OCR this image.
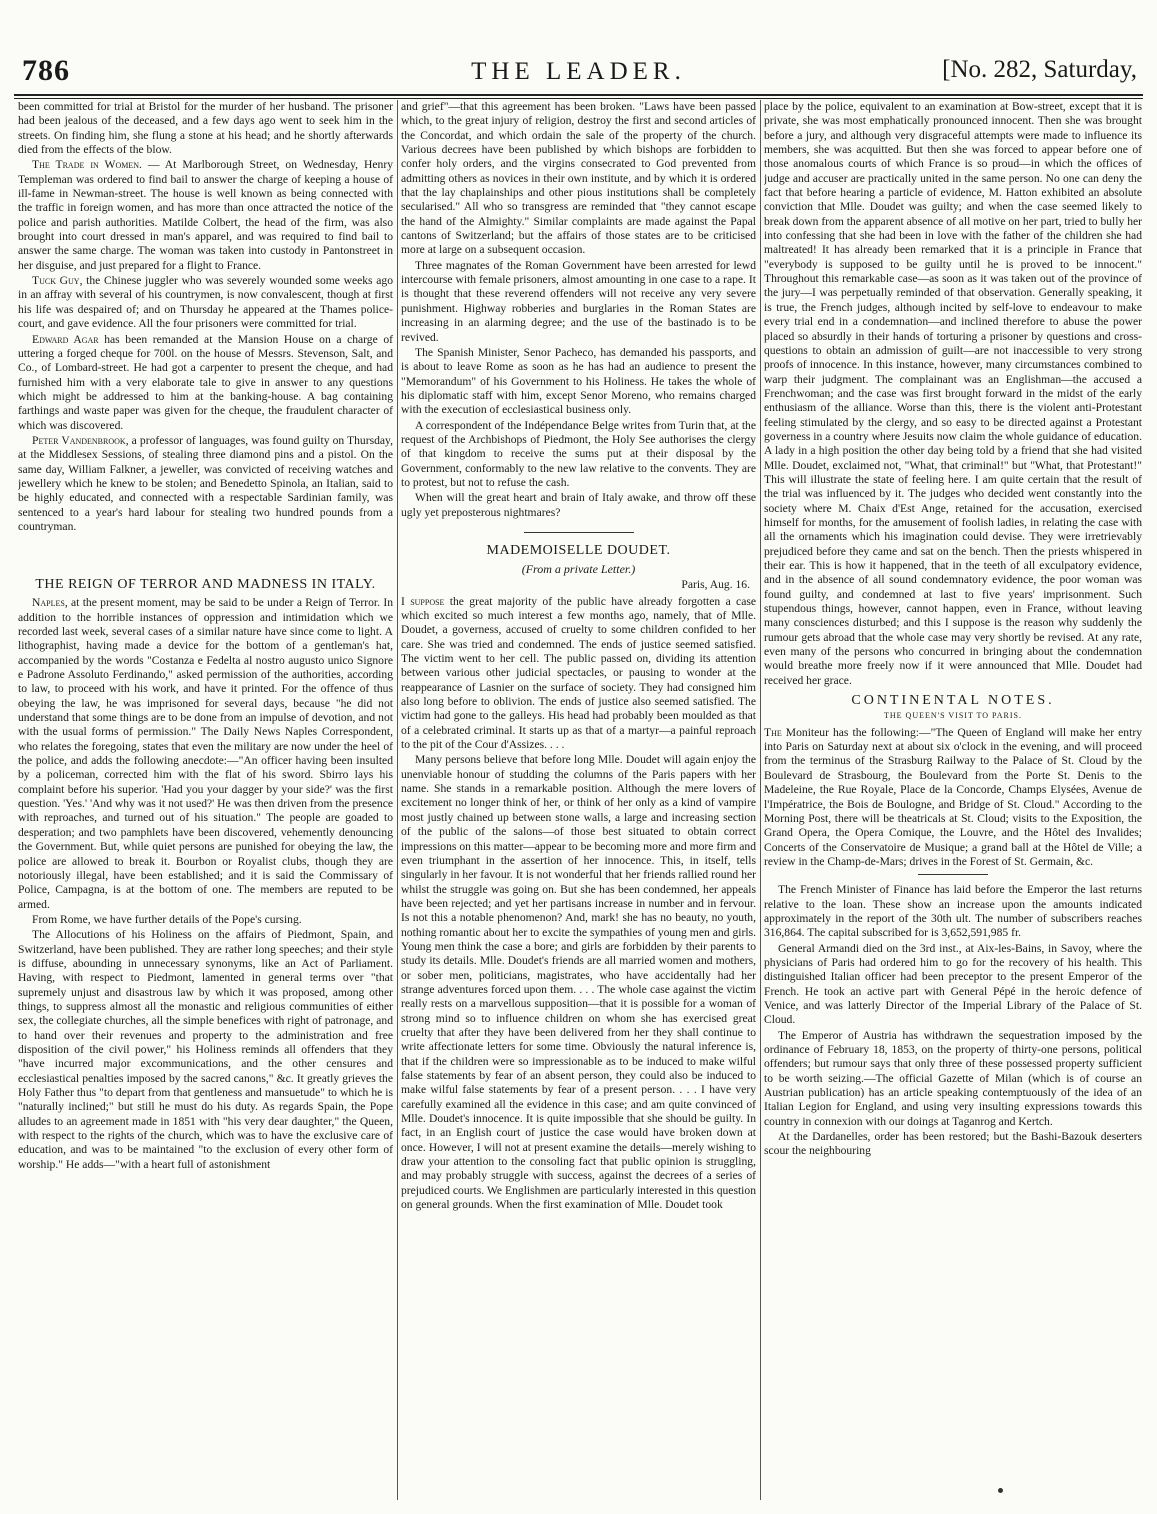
786	THE LEADER.	[No. 282, Saturday,

been committed for trial at Bristol for the murder of her husband. The prisoner had been jealous of the deceased, and a few days ago went to seek him in the streets. On finding him, she flung a stone at his head; and he shortly afterwards died from the effects of the blow.

The Trade in Women. — At Marlborough Street, on Wednesday, Henry Templeman was ordered to find bail to answer the charge of keeping a house of ill-fame in Newman-street. The house is well known as being connected with the traffic in foreign women, and has more than once attracted the notice of the police and parish authorities. Matilde Colbert, the head of the firm, was also brought into court dressed in man's apparel, and was required to find bail to answer the same charge. The woman was taken into custody in Pantonstreet in her disguise, and just prepared for a flight to France.

Tuck Guy, the Chinese juggler who was severely wounded some weeks ago in an affray with several of his countrymen, is now convalescent, though at first his life was despaired of; and on Thursday he appeared at the Thames police-court, and gave evidence. All the four prisoners were committed for trial.

Edward Agar has been remanded at the Mansion House on a charge of uttering a forged cheque for 700l. on the house of Messrs. Stevenson, Salt, and Co., of Lombard-street. He had got a carpenter to present the cheque, and had furnished him with a very elaborate tale to give in answer to any questions which might be addressed to him at the banking-house. A bag containing farthings and waste paper was given for the cheque, the fraudulent character of which was discovered.

Peter Vandenbrook, a professor of languages, was found guilty on Thursday, at the Middlesex Sessions, of stealing three diamond pins and a pistol. On the same day, William Falkner, a jeweller, was convicted of receiving watches and jewellery which he knew to be stolen; and Benedetto Spinola, an Italian, said to be highly educated, and connected with a respectable Sardinian family, was sentenced to a year's hard labour for stealing two hundred pounds from a countryman.

THE REIGN OF TERROR AND MADNESS IN ITALY.

Naples, at the present moment, may be said to be under a Reign of Terror. In addition to the horrible instances of oppression and intimidation which we recorded last week, several cases of a similar nature have since come to light. A lithographist, having made a device for the bottom of a gentleman's hat, accompanied by the words "Costanza e Fedelta al nostro augusto unico Signore e Padrone Assoluto Ferdinando," asked permission of the authorities, according to law, to proceed with his work, and have it printed. For the offence of thus obeying the law, he was imprisoned for several days, because "he did not understand that some things are to be done from an impulse of devotion, and not with the usual forms of permission." The Daily News Naples Correspondent, who relates the foregoing, states that even the military are now under the heel of the police, and adds the following anecdote:—"An officer having been insulted by a policeman, corrected him with the flat of his sword. Sbirro lays his complaint before his superior. 'Had you your dagger by your side?' was the first question. 'Yes.' 'And why was it not used?' He was then driven from the presence with reproaches, and turned out of his situation." The people are goaded to desperation; and two pamphlets have been discovered, vehemently denouncing the Government. But, while quiet persons are punished for obeying the law, the police are allowed to break it. Bourbon or Royalist clubs, though they are notoriously illegal, have been established; and it is said the Commissary of Police, Campagna, is at the bottom of one. The members are reputed to be armed.

From Rome, we have further details of the Pope's cursing.

The Allocutions of his Holiness on the affairs of Piedmont, Spain, and Switzerland, have been published. They are rather long speeches; and their style is diffuse, abounding in unnecessary synonyms, like an Act of Parliament. Having, with respect to Piedmont, lamented in general terms over "that supremely unjust and disastrous law by which it was proposed, among other things, to suppress almost all the monastic and religious communities of either sex, the collegiate churches, all the simple benefices with right of patronage, and to hand over their revenues and property to the administration and free disposition of the civil power," his Holiness reminds all offenders that they "have incurred major excommunications, and the other censures and ecclesiastical penalties imposed by the sacred canons," &c. It greatly grieves the Holy Father thus "to depart from that gentleness and mansuetude" to which he is "naturally inclined;" but still he must do his duty. As regards Spain, the Pope alludes to an agreement made in 1851 with "his very dear daughter," the Queen, with respect to the rights of the church, which was to have the exclusive care of education, and was to be maintained "to the exclusion of every other form of worship." He adds—"with a heart full of astonishment

and grief"—that this agreement has been broken. "Laws have been passed which, to the great injury of religion, destroy the first and second articles of the Concordat, and which ordain the sale of the property of the church. Various decrees have been published by which bishops are forbidden to confer holy orders, and the virgins consecrated to God prevented from admitting others as novices in their own institute, and by which it is ordered that the lay chaplainships and other pious institutions shall be completely secularised." All who so transgress are reminded that "they cannot escape the hand of the Almighty." Similar complaints are made against the Papal cantons of Switzerland; but the affairs of those states are to be criticised more at large on a subsequent occasion.

Three magnates of the Roman Government have been arrested for lewd intercourse with female prisoners, almost amounting in one case to a rape. It is thought that these reverend offenders will not receive any very severe punishment. Highway robberies and burglaries in the Roman States are increasing in an alarming degree; and the use of the bastinado is to be revived.

The Spanish Minister, Senor Pacheco, has demanded his passports, and is about to leave Rome as soon as he has had an audience to present the "Memorandum" of his Government to his Holiness. He takes the whole of his diplomatic staff with him, except Senor Moreno, who remains charged with the execution of ecclesiastical business only.

A correspondent of the Indépendance Belge writes from Turin that, at the request of the Archbishops of Piedmont, the Holy See authorises the clergy of that kingdom to receive the sums put at their disposal by the Government, conformably to the new law relative to the convents. They are to protest, but not to refuse the cash.

When will the great heart and brain of Italy awake, and throw off these ugly yet preposterous nightmares?

MADEMOISELLE DOUDET.
(From a private Letter.)
Paris, Aug. 16.

I suppose the great majority of the public have already forgotten a case which excited so much interest a few months ago, namely, that of Mlle. Doudet, a governess, accused of cruelty to some children confided to her care. She was tried and condemned. The ends of justice seemed satisfied. The victim went to her cell. The public passed on, dividing its attention between various other judicial spectacles, or pausing to wonder at the reappearance of Lasnier on the surface of society. They had consigned him also long before to oblivion. The ends of justice also seemed satisfied. The victim had gone to the galleys. His head had probably been moulded as that of a celebrated criminal. It starts up as that of a martyr—a painful reproach to the pit of the Cour d'Assizes. . . .

Many persons believe that before long Mlle. Doudet will again enjoy the unenviable honour of studding the columns of the Paris papers with her name. She stands in a remarkable position. Although the mere lovers of excitement no longer think of her, or think of her only as a kind of vampire most justly chained up between stone walls, a large and increasing section of the public of the salons—of those best situated to obtain correct impressions on this matter—appear to be becoming more and more firm and even triumphant in the assertion of her innocence. This, in itself, tells singularly in her favour. It is not wonderful that her friends rallied round her whilst the struggle was going on. But she has been condemned, her appeals have been rejected; and yet her partisans increase in number and in fervour. Is not this a notable phenomenon? And, mark! she has no beauty, no youth, nothing romantic about her to excite the sympathies of young men and girls. Young men think the case a bore; and girls are forbidden by their parents to study its details. Mlle. Doudet's friends are all married women and mothers, or sober men, politicians, magistrates, who have accidentally had her strange adventures forced upon them. . . . The whole case against the victim really rests on a marvellous supposition—that it is possible for a woman of strong mind so to influence children on whom she has exercised great cruelty that after they have been delivered from her they shall continue to write affectionate letters for some time. Obviously the natural inference is, that if the children were so impressionable as to be induced to make wilful false statements by fear of an absent person, they could also be induced to make wilful false statements by fear of a present person. . . . I have very carefully examined all the evidence in this case; and am quite convinced of Mlle. Doudet's innocence. It is quite impossible that she should be guilty. In fact, in an English court of justice the case would have broken down at once. However, I will not at present examine the details—merely wishing to draw your attention to the consoling fact that public opinion is struggling, and may probably struggle with success, against the decrees of a series of prejudiced courts. We Englishmen are particularly interested in this question on general grounds. When the first examination of Mlle. Doudet took

place by the police, equivalent to an examination at Bow-street, except that it is private, she was most emphatically pronounced innocent. Then she was brought before a jury, and although very disgraceful attempts were made to influence its members, she was acquitted. But then she was forced to appear before one of those anomalous courts of which France is so proud—in which the offices of judge and accuser are practically united in the same person. No one can deny the fact that before hearing a particle of evidence, M. Hatton exhibited an absolute conviction that Mlle. Doudet was guilty; and when the case seemed likely to break down from the apparent absence of all motive on her part, tried to bully her into confessing that she had been in love with the father of the children she had maltreated! It has already been remarked that it is a principle in France that "everybody is supposed to be guilty until he is proved to be innocent." Throughout this remarkable case—as soon as it was taken out of the province of the jury—I was perpetually reminded of that observation. Generally speaking, it is true, the French judges, although incited by self-love to endeavour to make every trial end in a condemnation—and inclined therefore to abuse the power placed so absurdly in their hands of torturing a prisoner by questions and cross-questions to obtain an admission of guilt—are not inaccessible to very strong proofs of innocence. In this instance, however, many circumstances combined to warp their judgment. The complainant was an Englishman—the accused a Frenchwoman; and the case was first brought forward in the midst of the early enthusiasm of the alliance. Worse than this, there is the violent anti-Protestant feeling stimulated by the clergy, and so easy to be directed against a Protestant governess in a country where Jesuits now claim the whole guidance of education. A lady in a high position the other day being told by a friend that she had visited Mlle. Doudet, exclaimed not, "What, that criminal!" but "What, that Protestant!" This will illustrate the state of feeling here. I am quite certain that the result of the trial was influenced by it. The judges who decided went constantly into the society where M. Chaix d'Est Ange, retained for the accusation, exercised himself for months, for the amusement of foolish ladies, in relating the case with all the ornaments which his imagination could devise. They were irretrievably prejudiced before they came and sat on the bench. Then the priests whispered in their ear. This is how it happened, that in the teeth of all exculpatory evidence, and in the absence of all sound condemnatory evidence, the poor woman was found guilty, and condemned at last to five years' imprisonment. Such stupendous things, however, cannot happen, even in France, without leaving many consciences disturbed; and this I suppose is the reason why suddenly the rumour gets abroad that the whole case may very shortly be revised. At any rate, even many of the persons who concurred in bringing about the condemnation would breathe more freely now if it were announced that Mlle. Doudet had received her grace.

CONTINENTAL NOTES.
THE QUEEN'S VISIT TO PARIS.

The Moniteur has the following:—"The Queen of England will make her entry into Paris on Saturday next at about six o'clock in the evening, and will proceed from the terminus of the Strasburg Railway to the Palace of St. Cloud by the Boulevard de Strasbourg, the Boulevard from the Porte St. Denis to the Madeleine, the Rue Royale, Place de la Concorde, Champs Elysées, Avenue de l'Impératrice, the Bois de Boulogne, and Bridge of St. Cloud." According to the Morning Post, there will be theatricals at St. Cloud; visits to the Exposition, the Grand Opera, the Opera Comique, the Louvre, and the Hôtel des Invalides; Concerts of the Conservatoire de Musique; a grand ball at the Hôtel de Ville; a review in the Champ-de-Mars; drives in the Forest of St. Germain, &c.

The French Minister of Finance has laid before the Emperor the last returns relative to the loan. These show an increase upon the amounts indicated approximately in the report of the 30th ult. The number of subscribers reaches 316,864. The capital subscribed for is 3,652,591,985 fr.

General Armandi died on the 3rd inst., at Aix-les-Bains, in Savoy, where the physicians of Paris had ordered him to go for the recovery of his health. This distinguished Italian officer had been preceptor to the present Emperor of the French. He took an active part with General Pépé in the heroic defence of Venice, and was latterly Director of the Imperial Library of the Palace of St. Cloud.

The Emperor of Austria has withdrawn the sequestration imposed by the ordinance of February 18, 1853, on the property of thirty-one persons, political offenders; but rumour says that only three of these possessed property sufficient to be worth seizing.—The official Gazette of Milan (which is of course an Austrian publication) has an article speaking contemptuously of the idea of an Italian Legion for England, and using very insulting expressions towards this country in connexion with our doings at Taganrog and Kertch.

At the Dardanelles, order has been restored; but the Bashi-Bazouk deserters scour the neighbouring
